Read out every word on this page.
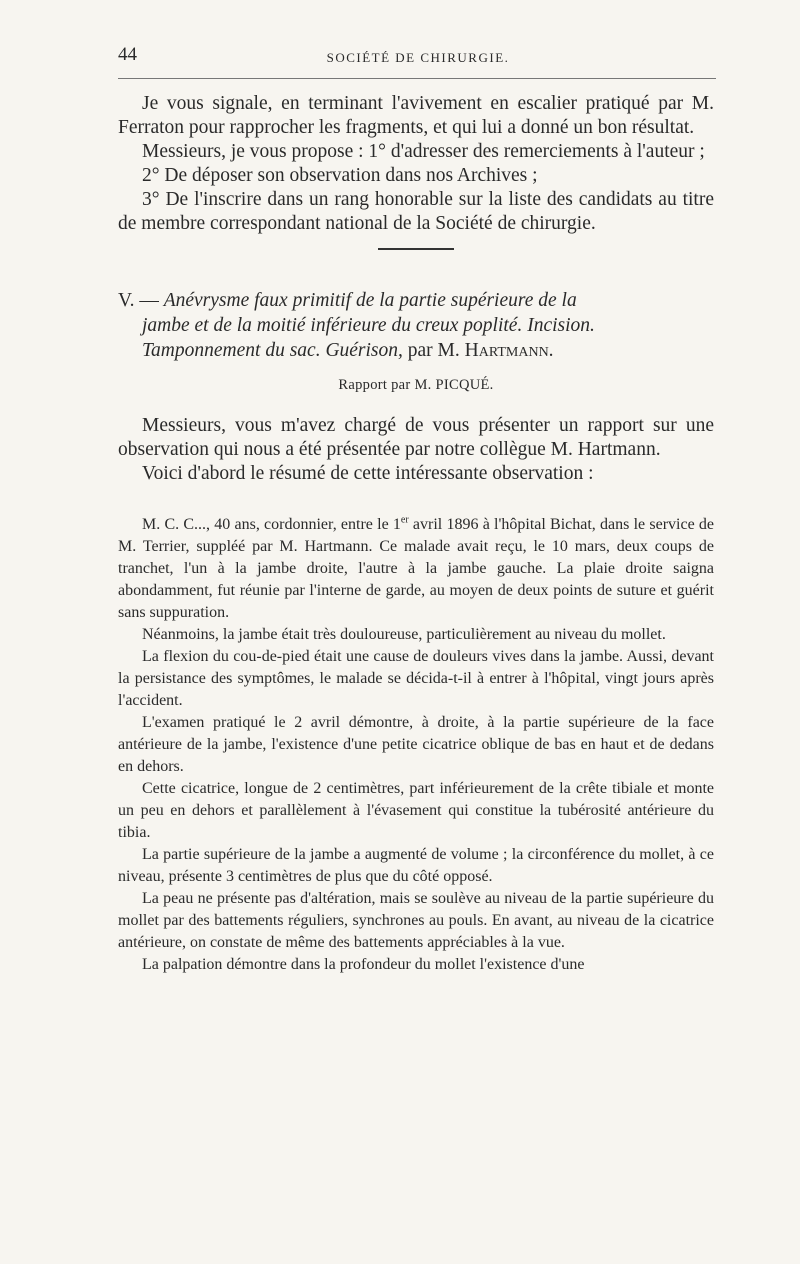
44	SOCIÉTÉ DE CHIRURGIE.

Je vous signale, en terminant l'avivement en escalier pratiqué par M. Ferraton pour rapprocher les fragments, et qui lui a donné un bon résultat.

Messieurs, je vous propose : 1° d'adresser des remerciements à l'auteur ;

2° De déposer son observation dans nos Archives ;

3° De l'inscrire dans un rang honorable sur la liste des candidats au titre de membre correspondant national de la Société de chirurgie.

V. — Anévrysme faux primitif de la partie supérieure de la
jambe et de la moitié inférieure du creux poplité. Incision.
Tamponnement du sac. Guérison, par M. Hartmann.
Rapport par M. PICQUÉ.

Messieurs, vous m'avez chargé de vous présenter un rapport sur une observation qui nous a été présentée par notre collègue M. Hartmann.

Voici d'abord le résumé de cette intéressante observation :

M. C. C..., 40 ans, cordonnier, entre le 1er avril 1896 à l'hôpital Bichat, dans le service de M. Terrier, suppléé par M. Hartmann. Ce malade avait reçu, le 10 mars, deux coups de tranchet, l'un à la jambe droite, l'autre à la jambe gauche. La plaie droite saigna abondamment, fut réunie par l'interne de garde, au moyen de deux points de suture et guérit sans suppuration.

Néanmoins, la jambe était très douloureuse, particulièrement au niveau du mollet.

La flexion du cou-de-pied était une cause de douleurs vives dans la jambe. Aussi, devant la persistance des symptômes, le malade se décida-t-il à entrer à l'hôpital, vingt jours après l'accident.

L'examen pratiqué le 2 avril démontre, à droite, à la partie supérieure de la face antérieure de la jambe, l'existence d'une petite cicatrice oblique de bas en haut et de dedans en dehors.

Cette cicatrice, longue de 2 centimètres, part inférieurement de la crête tibiale et monte un peu en dehors et parallèlement à l'évasement qui constitue la tubérosité antérieure du tibia.

La partie supérieure de la jambe a augmenté de volume ; la circonférence du mollet, à ce niveau, présente 3 centimètres de plus que du côté opposé.

La peau ne présente pas d'altération, mais se soulève au niveau de la partie supérieure du mollet par des battements réguliers, synchrones au pouls. En avant, au niveau de la cicatrice antérieure, on constate de même des battements appréciables à la vue.

La palpation démontre dans la profondeur du mollet l'existence d'une
